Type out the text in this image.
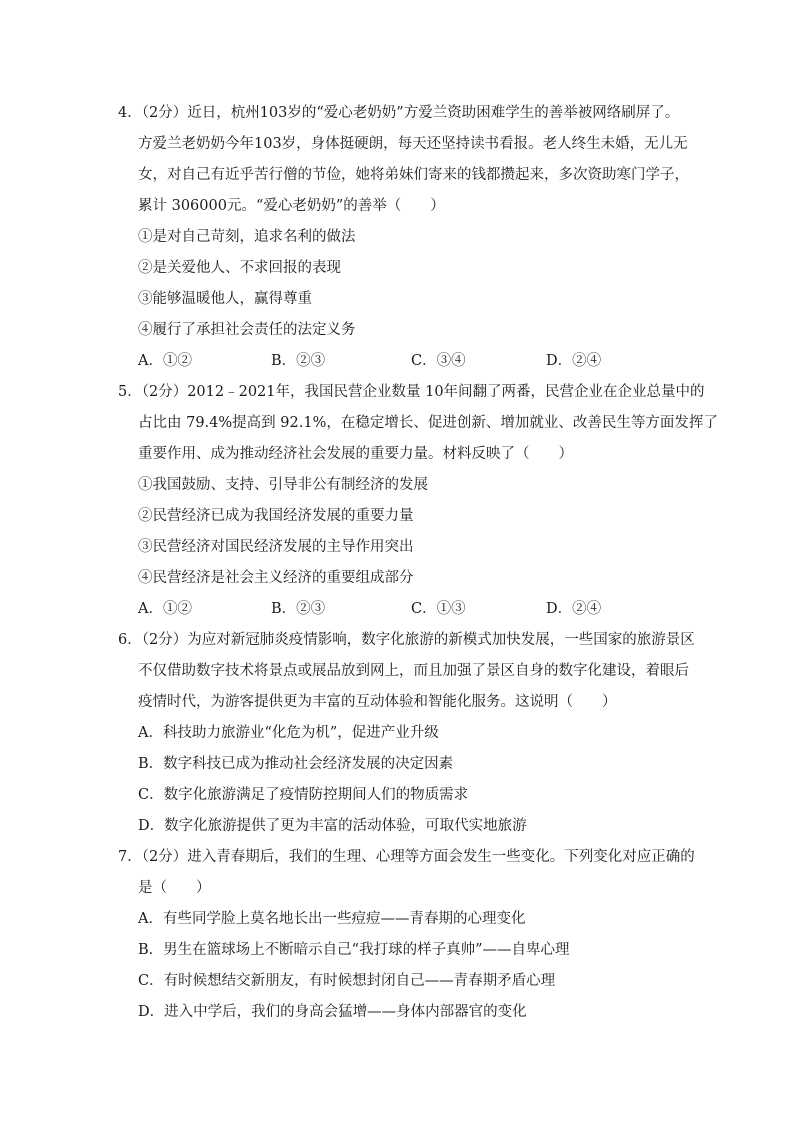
4．（2分）近日，杭州103岁的“爱心老奶奶”方爱兰资助困难学生的善举被网络刷屏了。
方爱兰老奶奶今年103岁，身体挺硬朗，每天还坚持读书看报。老人终生未婚，无儿无
女，对自己有近乎苦行僧的节俭，她将弟妹们寄来的钱都攒起来，多次资助寒门学子，
累计 306000元。“爱心老奶奶”的善举（　　）
①是对自己苛刻，追求名利的做法
②是关爱他人、不求回报的表现
③能够温暖他人，赢得尊重
④履行了承担社会责任的法定义务
A．①②	B．②③	C．③④	D．②④
5．（2分）2012﹣2021年，我国民营企业数量 10年间翻了两番，民营企业在企业总量中的
占比由 79.4%提高到 92.1%，在稳定增长、促进创新、增加就业、改善民生等方面发挥了
重要作用、成为推动经济社会发展的重要力量。材料反映了（　　）
①我国鼓励、支持、引导非公有制经济的发展
②民营经济已成为我国经济发展的重要力量
③民营经济对国民经济发展的主导作用突出
④民营经济是社会主义经济的重要组成部分
A．①②	B．②③	C．①③	D．②④
6．（2分）为应对新冠肺炎疫情影响，数字化旅游的新模式加快发展，一些国家的旅游景区
不仅借助数字技术将景点或展品放到网上，而且加强了景区自身的数字化建设，着眼后
疫情时代，为游客提供更为丰富的互动体验和智能化服务。这说明（　　）
A．科技助力旅游业“化危为机”，促进产业升级
B．数字科技已成为推动社会经济发展的决定因素
C．数字化旅游满足了疫情防控期间人们的物质需求
D．数字化旅游提供了更为丰富的活动体验，可取代实地旅游
7．（2分）进入青春期后，我们的生理、心理等方面会发生一些变化。下列变化对应正确的
是（　　）
A．有些同学脸上莫名地长出一些痘痘——青春期的心理变化
B．男生在篮球场上不断暗示自己“我打球的样子真帅”——自卑心理
C．有时候想结交新朋友，有时候想封闭自己——青春期矛盾心理
D．进入中学后，我们的身高会猛增——身体内部器官的变化
